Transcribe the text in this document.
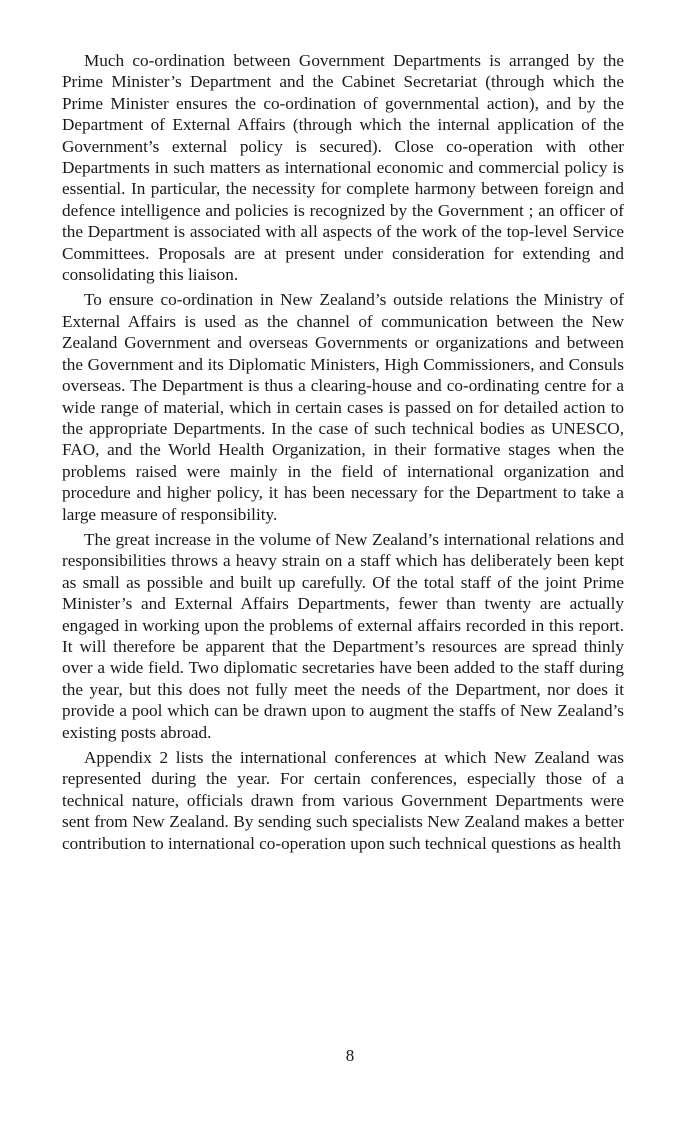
Much co-ordination between Government Departments is arranged by the Prime Minister’s Department and the Cabinet Secretariat (through which the Prime Minister ensures the co-ordination of governmental action), and by the Department of External Affairs (through which the internal application of the Government’s external policy is secured). Close co-operation with other Departments in such matters as international economic and commercial policy is essential. In particular, the necessity for complete harmony between foreign and defence intelligence and policies is recognized by the Government ; an officer of the Department is associated with all aspects of the work of the top-level Service Committees. Proposals are at present under consideration for extending and consolidating this liaison.

To ensure co-ordination in New Zealand’s outside relations the Ministry of External Affairs is used as the channel of communication between the New Zealand Government and overseas Governments or organizations and between the Government and its Diplomatic Ministers, High Commissioners, and Consuls overseas. The Department is thus a clearing-house and co-ordinating centre for a wide range of material, which in certain cases is passed on for detailed action to the appropriate Departments. In the case of such technical bodies as UNESCO, FAO, and the World Health Organization, in their formative stages when the problems raised were mainly in the field of international organization and procedure and higher policy, it has been necessary for the Department to take a large measure of responsibility.

The great increase in the volume of New Zealand’s international relations and responsibilities throws a heavy strain on a staff which has deliberately been kept as small as possible and built up carefully. Of the total staff of the joint Prime Minister’s and External Affairs Departments, fewer than twenty are actually engaged in working upon the problems of external affairs recorded in this report. It will therefore be apparent that the Department’s resources are spread thinly over a wide field. Two diplomatic secretaries have been added to the staff during the year, but this does not fully meet the needs of the Department, nor does it provide a pool which can be drawn upon to augment the staffs of New Zealand’s existing posts abroad.

Appendix 2 lists the international conferences at which New Zealand was represented during the year. For certain conferences, especially those of a technical nature, officials drawn from various Government Departments were sent from New Zealand. By sending such specialists New Zealand makes a better contribution to international co-operation upon such technical questions as health

8
